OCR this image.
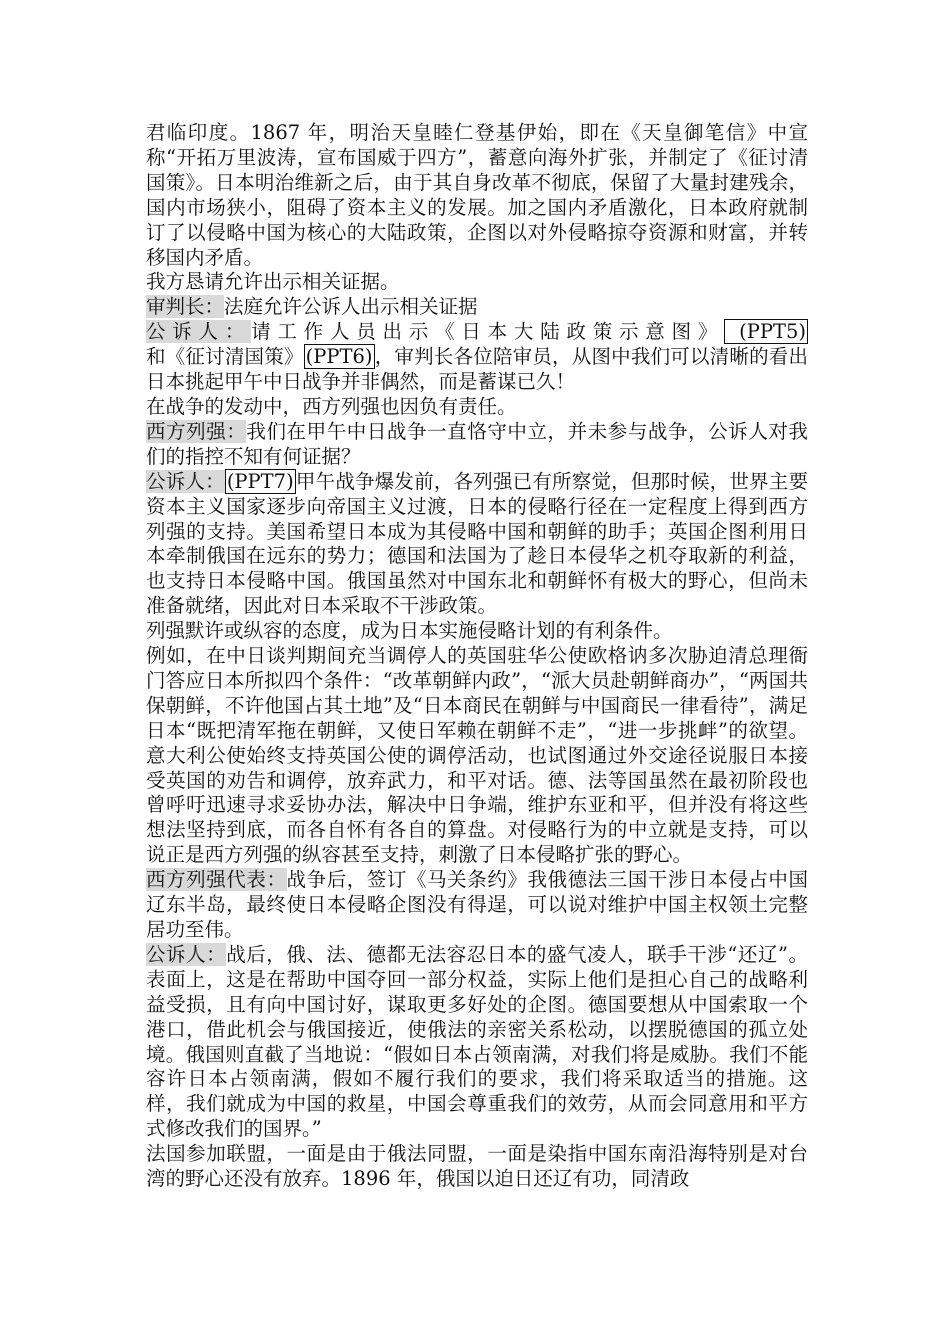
君临印度。1867 年，明治天皇睦仁登基伊始，即在《天皇御笔信》中宣称“开拓万里波涛，宣布国威于四方”，蓄意向海外扩张，并制定了《征讨清国策》。日本明治维新之后，由于其自身改革不彻底，保留了大量封建残余，国内市场狭小，阻碍了资本主义的发展。加之国内矛盾激化，日本政府就制订了以侵略中国为核心的大陆政策，企图以对外侵略掠夺资源和财富，并转移国内矛盾。

我方恳请允许出示相关证据。

审判长：法庭允许公诉人出示相关证据

公诉人：请工作人员出示《日本大陆政策示意图》 (PPT5)和《征讨清国策》 (PPT6) ，审判长各位陪审员，从图中我们可以清晰的看出日本挑起甲午中日战争并非偶然，而是蓄谋已久！

在战争的发动中，西方列强也因负有责任。

西方列强：我们在甲午中日战争一直恪守中立，并未参与战争，公诉人对我们的指控不知有何证据？

公诉人： (PPT7) 甲午战争爆发前，各列强已有所察觉，但那时候，世界主要资本主义国家逐步向帝国主义过渡，日本的侵略行径在一定程度上得到西方列强的支持。美国希望日本成为其侵略中国和朝鲜的助手；英国企图利用日本牵制俄国在远东的势力；德国和法国为了趁日本侵华之机夺取新的利益，也支持日本侵略中国。俄国虽然对中国东北和朝鲜怀有极大的野心，但尚未准备就绪，因此对日本采取不干涉政策。

列强默许或纵容的态度，成为日本实施侵略计划的有利条件。

例如，在中日谈判期间充当调停人的英国驻华公使欧格讷多次胁迫清总理衙门答应日本所拟四个条件：“改革朝鲜内政”，“派大员赴朝鲜商办”，“两国共保朝鲜，不许他国占其土地”及“日本商民在朝鲜与中国商民一律看待”，满足日本“既把清军拖在朝鲜，又使日军赖在朝鲜不走”，“进一步挑衅”的欲望。意大利公使始终支持英国公使的调停活动，也试图通过外交途径说服日本接受英国的劝告和调停，放弃武力，和平对话。德、法等国虽然在最初阶段也曾呼吁迅速寻求妥协办法，解决中日争端，维护东亚和平，但并没有将这些想法坚持到底，而各自怀有各自的算盘。对侵略行为的中立就是支持，可以说正是西方列强的纵容甚至支持，刺激了日本侵略扩张的野心。

西方列强代表：战争后，签订《马关条约》我俄德法三国干涉日本侵占中国辽东半岛，最终使日本侵略企图没有得逞，可以说对维护中国主权领土完整居功至伟。

公诉人：战后，俄、法、德都无法容忍日本的盛气凌人，联手干涉“还辽”。表面上，这是在帮助中国夺回一部分权益，实际上他们是担心自己的战略利益受损，且有向中国讨好，谋取更多好处的企图。德国要想从中国索取一个港口，借此机会与俄国接近，使俄法的亲密关系松动，以摆脱德国的孤立处境。俄国则直截了当地说：“假如日本占领南满，对我们将是威胁。我们不能容许日本占领南满，假如不履行我们的要求，我们将采取适当的措施。这样，我们就成为中国的救星，中国会尊重我们的效劳，从而会同意用和平方式修改我们的国界。”

法国参加联盟，一面是由于俄法同盟，一面是染指中国东南沿海特别是对台湾的野心还没有放弃。1896 年，俄国以迫日还辽有功，同清政
